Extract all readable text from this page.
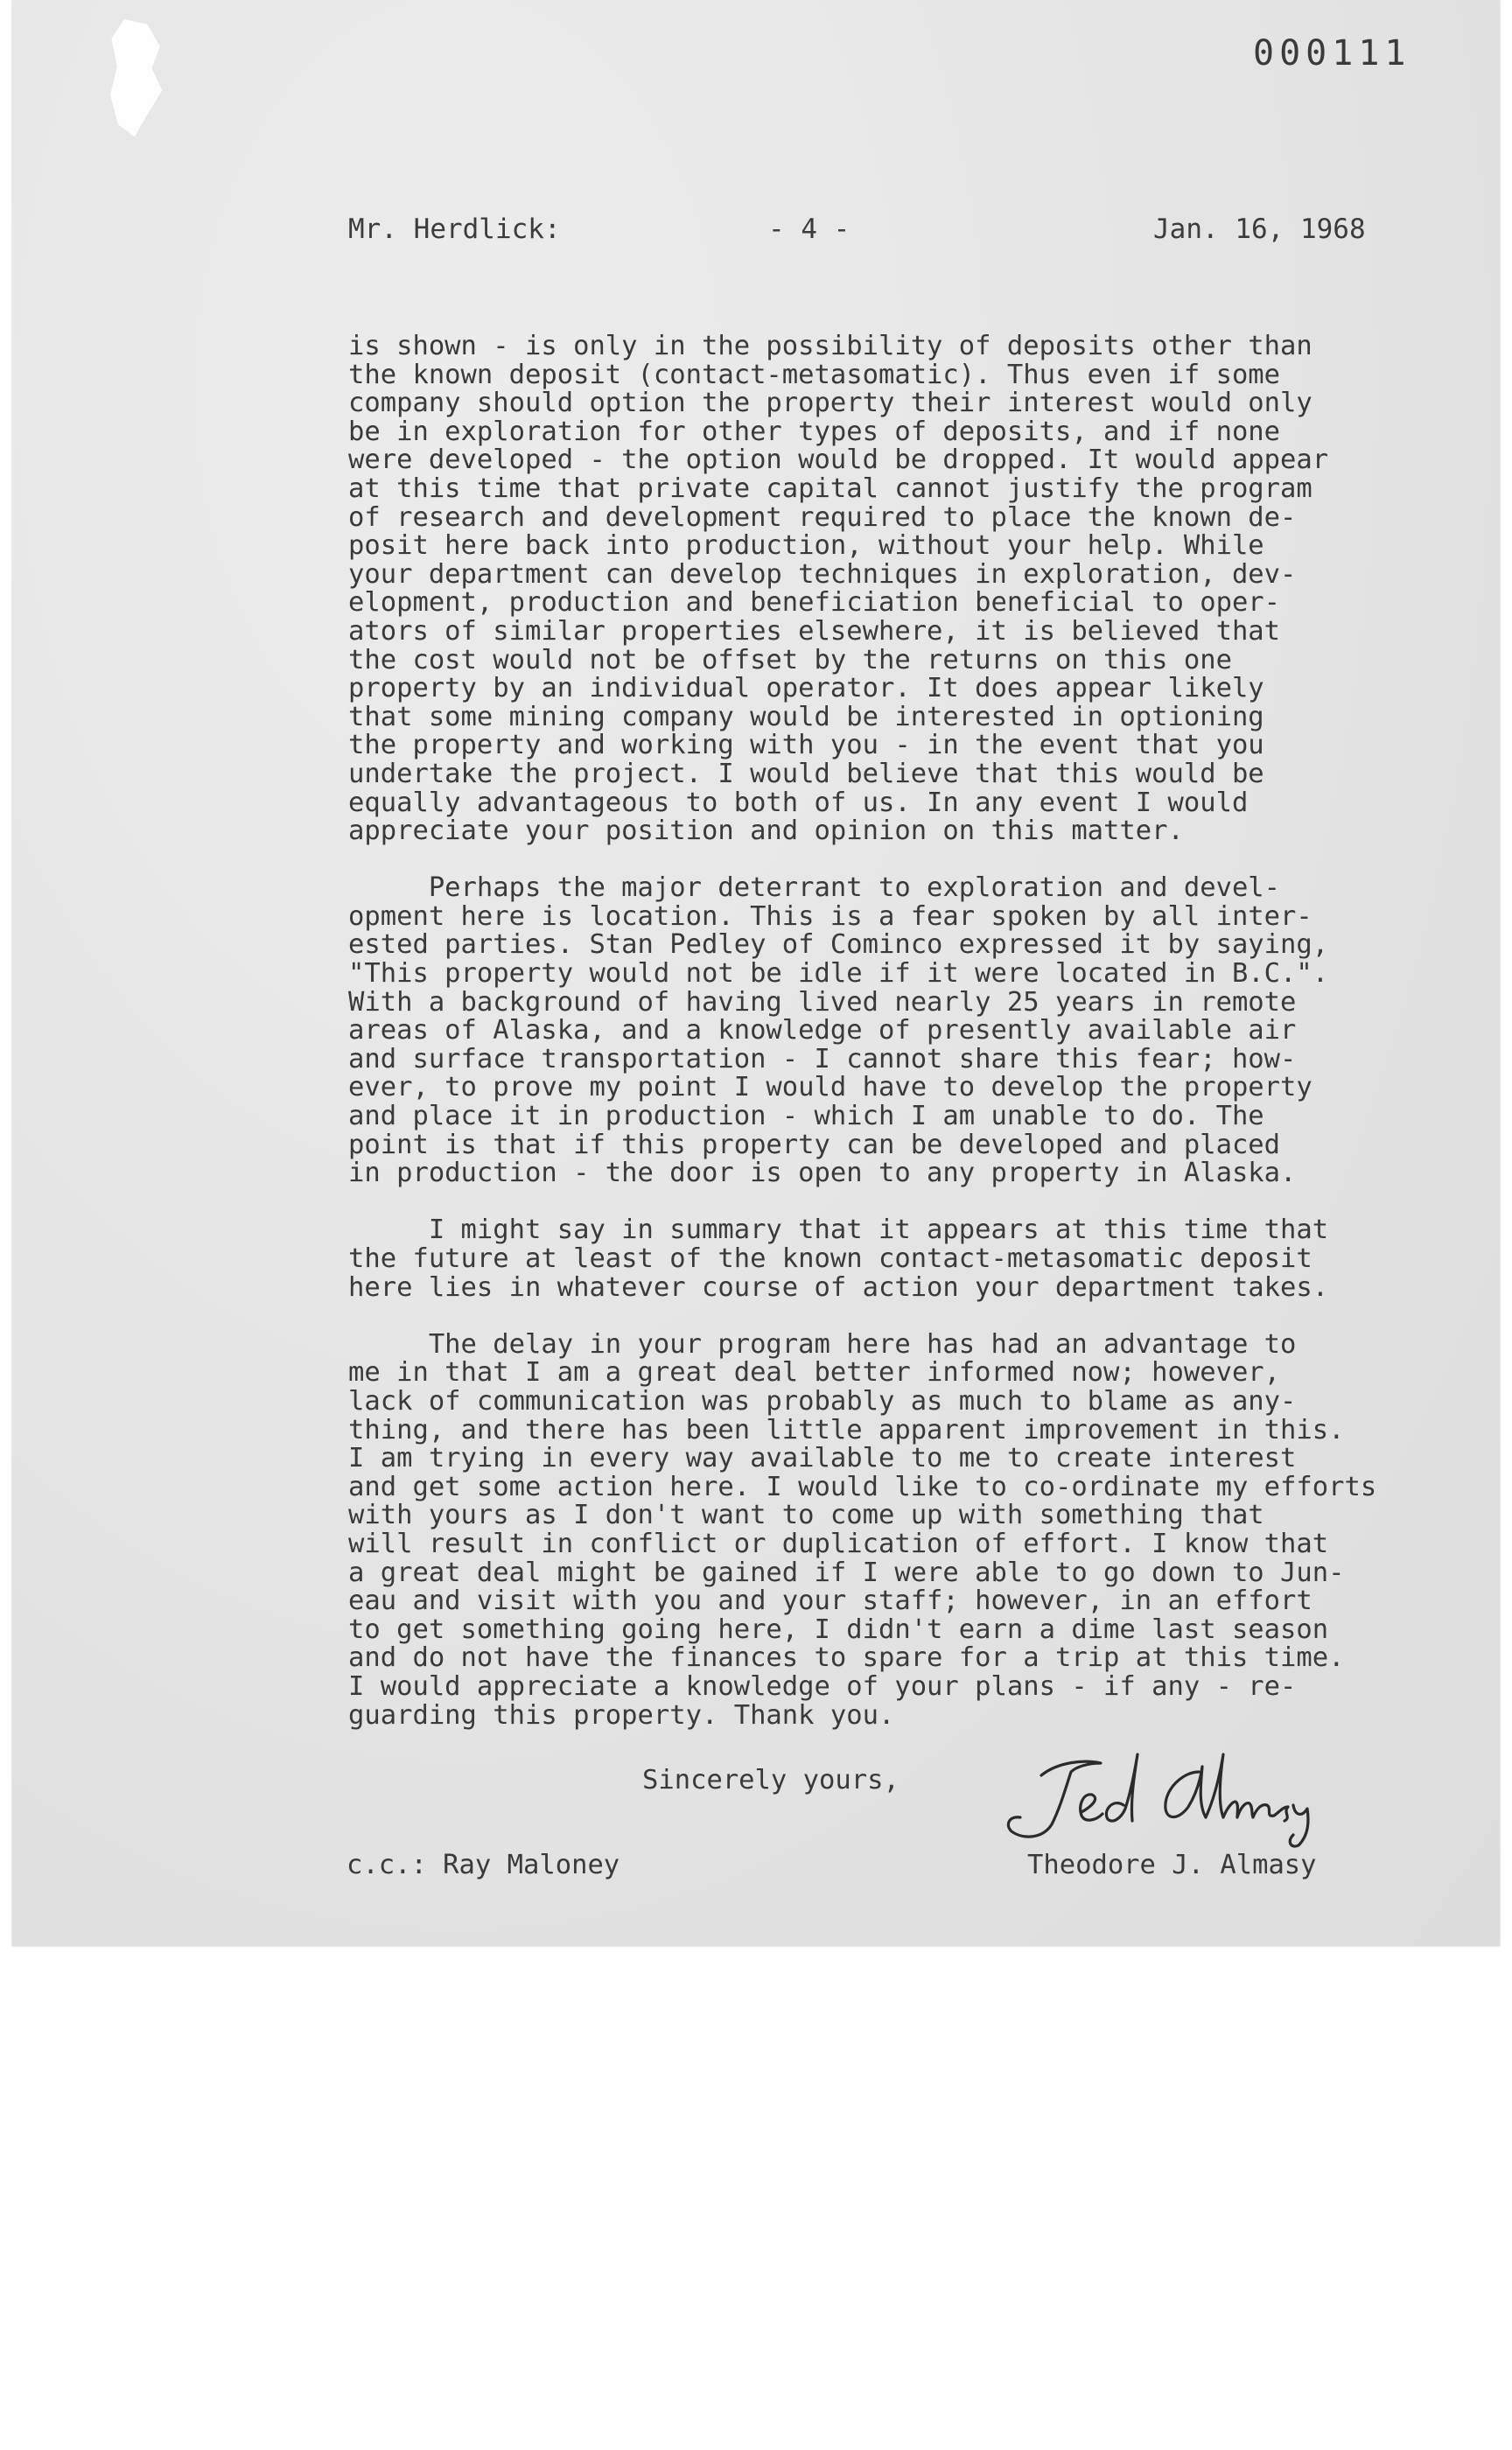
000111
Mr. Herdlick:	- 4 -	Jan. 16, 1968
is shown - is only in the possibility of deposits other than
the known deposit (contact-metasomatic). Thus even if some
company should option the property their interest would only
be in exploration for other types of deposits, and if none
were developed - the option would be dropped. It would appear
at this time that private capital cannot justify the program
of research and development required to place the known de-
posit here back into production, without your help. While
your department can develop techniques in exploration, dev-
elopment, production and beneficiation beneficial to oper-
ators of similar properties elsewhere, it is believed that
the cost would not be offset by the returns on this one
property by an individual operator. It does appear likely
that some mining company would be interested in optioning
the property and working with you - in the event that you
undertake the project. I would believe that this would be
equally advantageous to both of us. In any event I would
appreciate your position and opinion on this matter.
Perhaps the major deterrant to exploration and devel-
opment here is location. This is a fear spoken by all inter-
ested parties. Stan Pedley of Cominco expressed it by saying,
"This property would not be idle if it were located in B.C.".
With a background of having lived nearly 25 years in remote
areas of Alaska, and a knowledge of presently available air
and surface transportation - I cannot share this fear; how-
ever, to prove my point I would have to develop the property
and place it in production - which I am unable to do. The
point is that if this property can be developed and placed
in production - the door is open to any property in Alaska.
I might say in summary that it appears at this time that
the future at least of the known contact-metasomatic deposit
here lies in whatever course of action your department takes.
The delay in your program here has had an advantage to
me in that I am a great deal better informed now; however,
lack of communication was probably as much to blame as any-
thing, and there has been little apparent improvement in this.
I am trying in every way available to me to create interest
and get some action here. I would like to co-ordinate my efforts
with yours as I don't want to come up with something that
will result in conflict or duplication of effort. I know that
a great deal might be gained if I were able to go down to Jun-
eau and visit with you and your staff; however, in an effort
to get something going here, I didn't earn a dime last season
and do not have the finances to spare for a trip at this time.
I would appreciate a knowledge of your plans - if any - re-
guarding this property. Thank you.
Sincerely yours,
c.c.: Ray Maloney	Theodore J. Almasy
